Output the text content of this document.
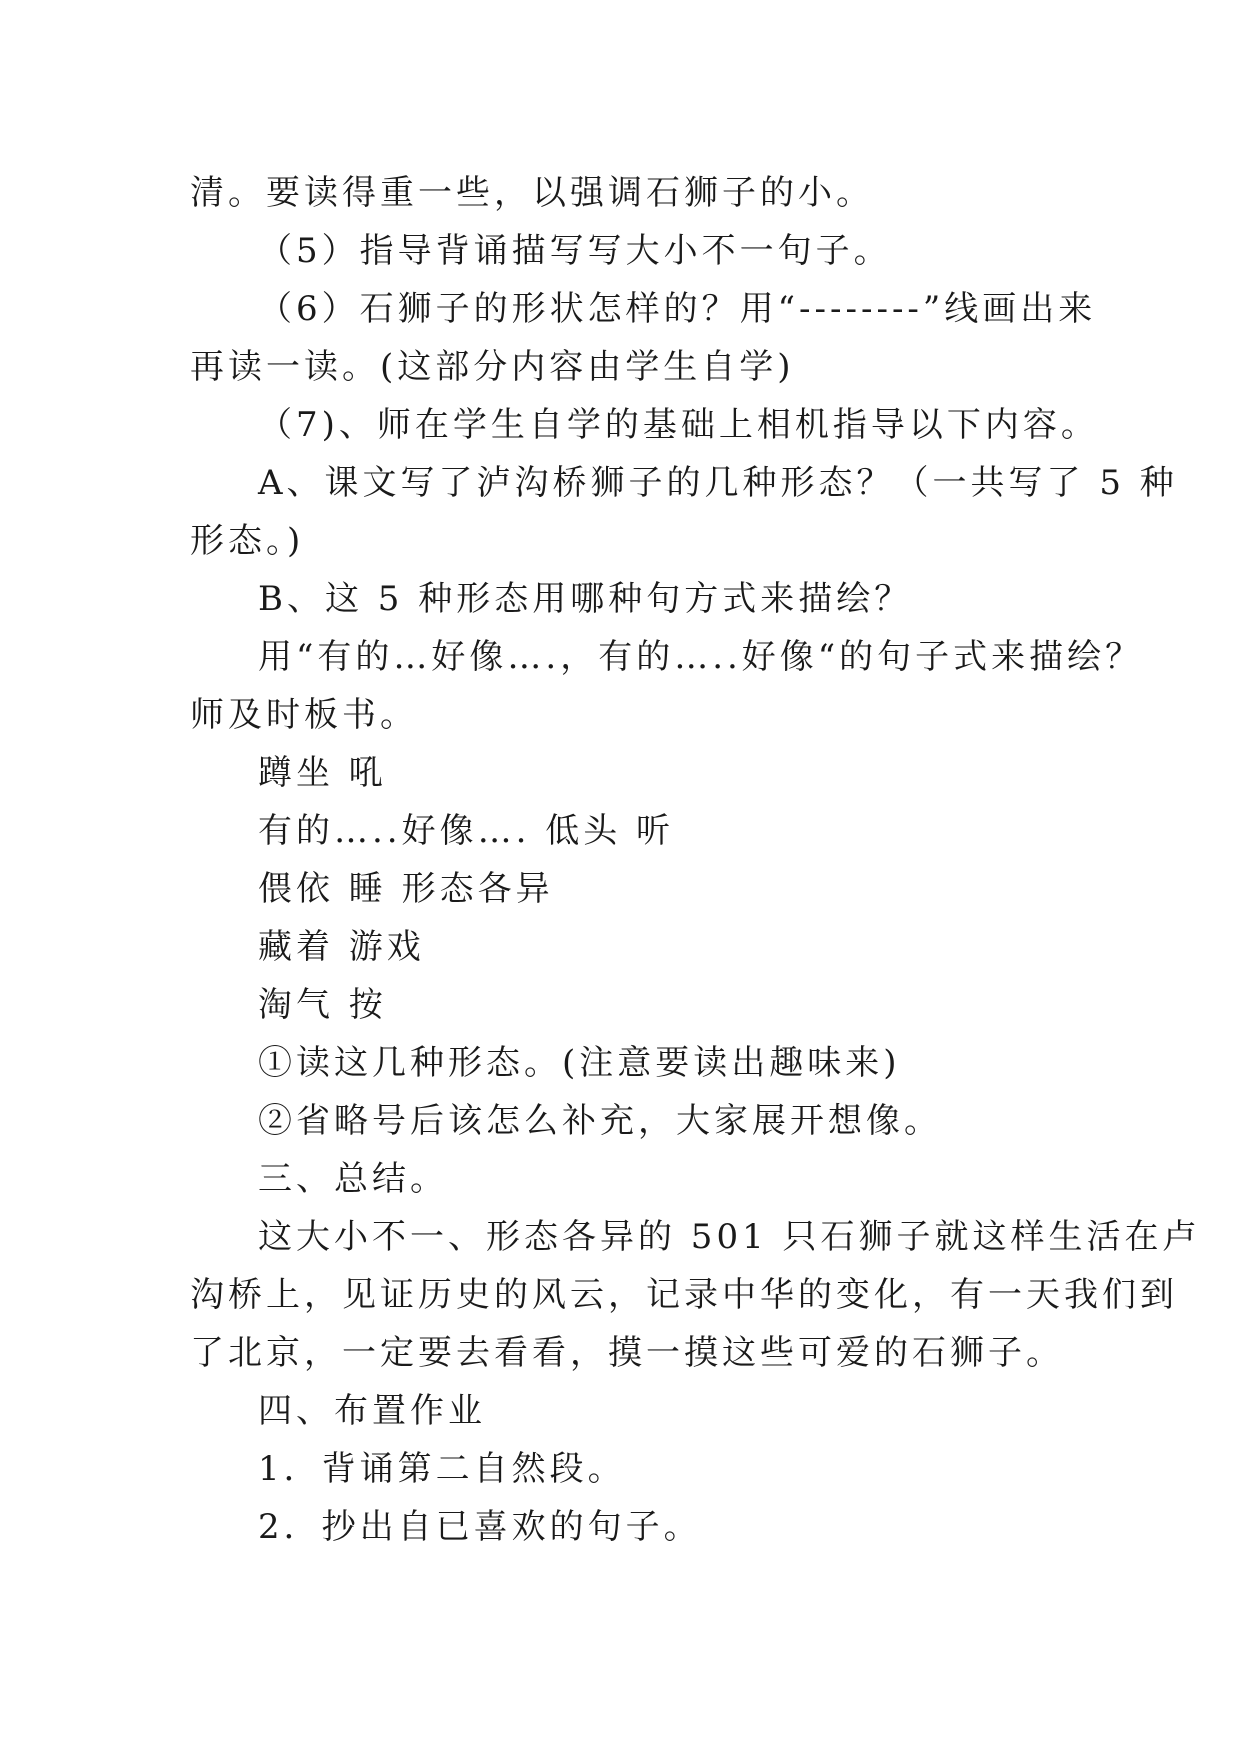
清。要读得重一些，以强调石狮子的小。
（5）指导背诵描写写大小不一句子。
（6）石狮子的形状怎样的？用“--------”线画出来
再读一读。(这部分内容由学生自学)
（7)、师在学生自学的基础上相机指导以下内容。
A、课文写了泸沟桥狮子的几种形态？（一共写了 5 种
形态。)
B、这 5 种形态用哪种句方式来描绘？
用“有的…好像….，有的…..好像“的句子式来描绘？
师及时板书。
蹲坐 吼
有的…..好像…. 低头 听
偎依 睡 形态各异
藏着 游戏
淘气 按
①读这几种形态。(注意要读出趣味来)
②省略号后该怎么补充，大家展开想像。
三、总结。
这大小不一、形态各异的 501 只石狮子就这样生活在卢
沟桥上，见证历史的风云，记录中华的变化，有一天我们到
了北京，一定要去看看，摸一摸这些可爱的石狮子。
四、布置作业
1．背诵第二自然段。
2．抄出自已喜欢的句子。
